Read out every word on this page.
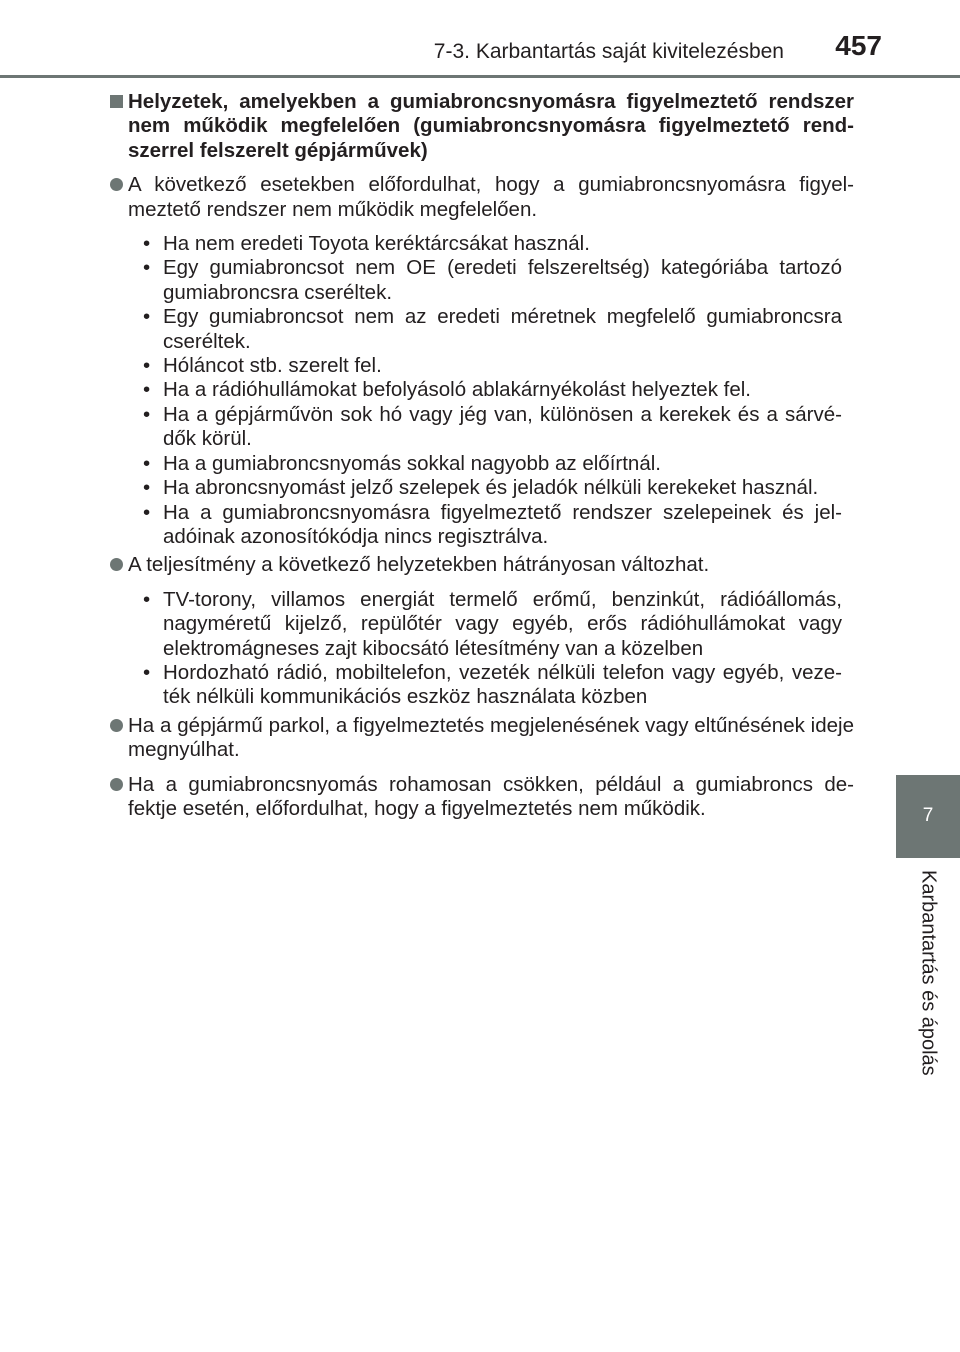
7-3. Karbantartás saját kivitelezésben	457
7
Karbantartás és ápolás

Helyzetek, amelyekben a gumiabroncsnyomásra figyelmeztető rendszer nem működik megfelelően (gumiabroncsnyomásra figyelmeztető rend-szerrel felszerelt gépjárművek)

A következő esetekben előfordulhat, hogy a gumiabroncsnyomásra figyel-meztető rendszer nem működik megfelelően.
• Ha nem eredeti Toyota keréktárcsákat használ.
• Egy gumiabroncsot nem OE (eredeti felszereltség) kategóriába tartozó gumiabroncsra cseréltek.
• Egy gumiabroncsot nem az eredeti méretnek megfelelő gumiabroncsra cseréltek.
• Hóláncot stb. szerelt fel.
• Ha a rádióhullámokat befolyásoló ablakárnyékolást helyeztek fel.
• Ha a gépjárművön sok hó vagy jég van, különösen a kerekek és a sárvé-dők körül.
• Ha a gumiabroncsnyomás sokkal nagyobb az előírtnál.
• Ha abroncsnyomást jelző szelepek és jeladók nélküli kerekeket használ.
• Ha a gumiabroncsnyomásra figyelmeztető rendszer szelepeinek és jel-adóinak azonosítókódja nincs regisztrálva.
A teljesítmény a következő helyzetekben hátrányosan változhat.
• TV-torony, villamos energiát termelő erőmű, benzinkút, rádióállomás, nagyméretű kijelző, repülőtér vagy egyéb, erős rádióhullámokat vagy elektromágneses zajt kibocsátó létesítmény van a közelben
• Hordozható rádió, mobiltelefon, vezeték nélküli telefon vagy egyéb, veze-ték nélküli kommunikációs eszköz használata közben
Ha a gépjármű parkol, a figyelmeztetés megjelenésének vagy eltűnésének ideje megnyúlhat.
Ha a gumiabroncsnyomás rohamosan csökken, például a gumiabroncs de-fektje esetén, előfordulhat, hogy a figyelmeztetés nem működik.
